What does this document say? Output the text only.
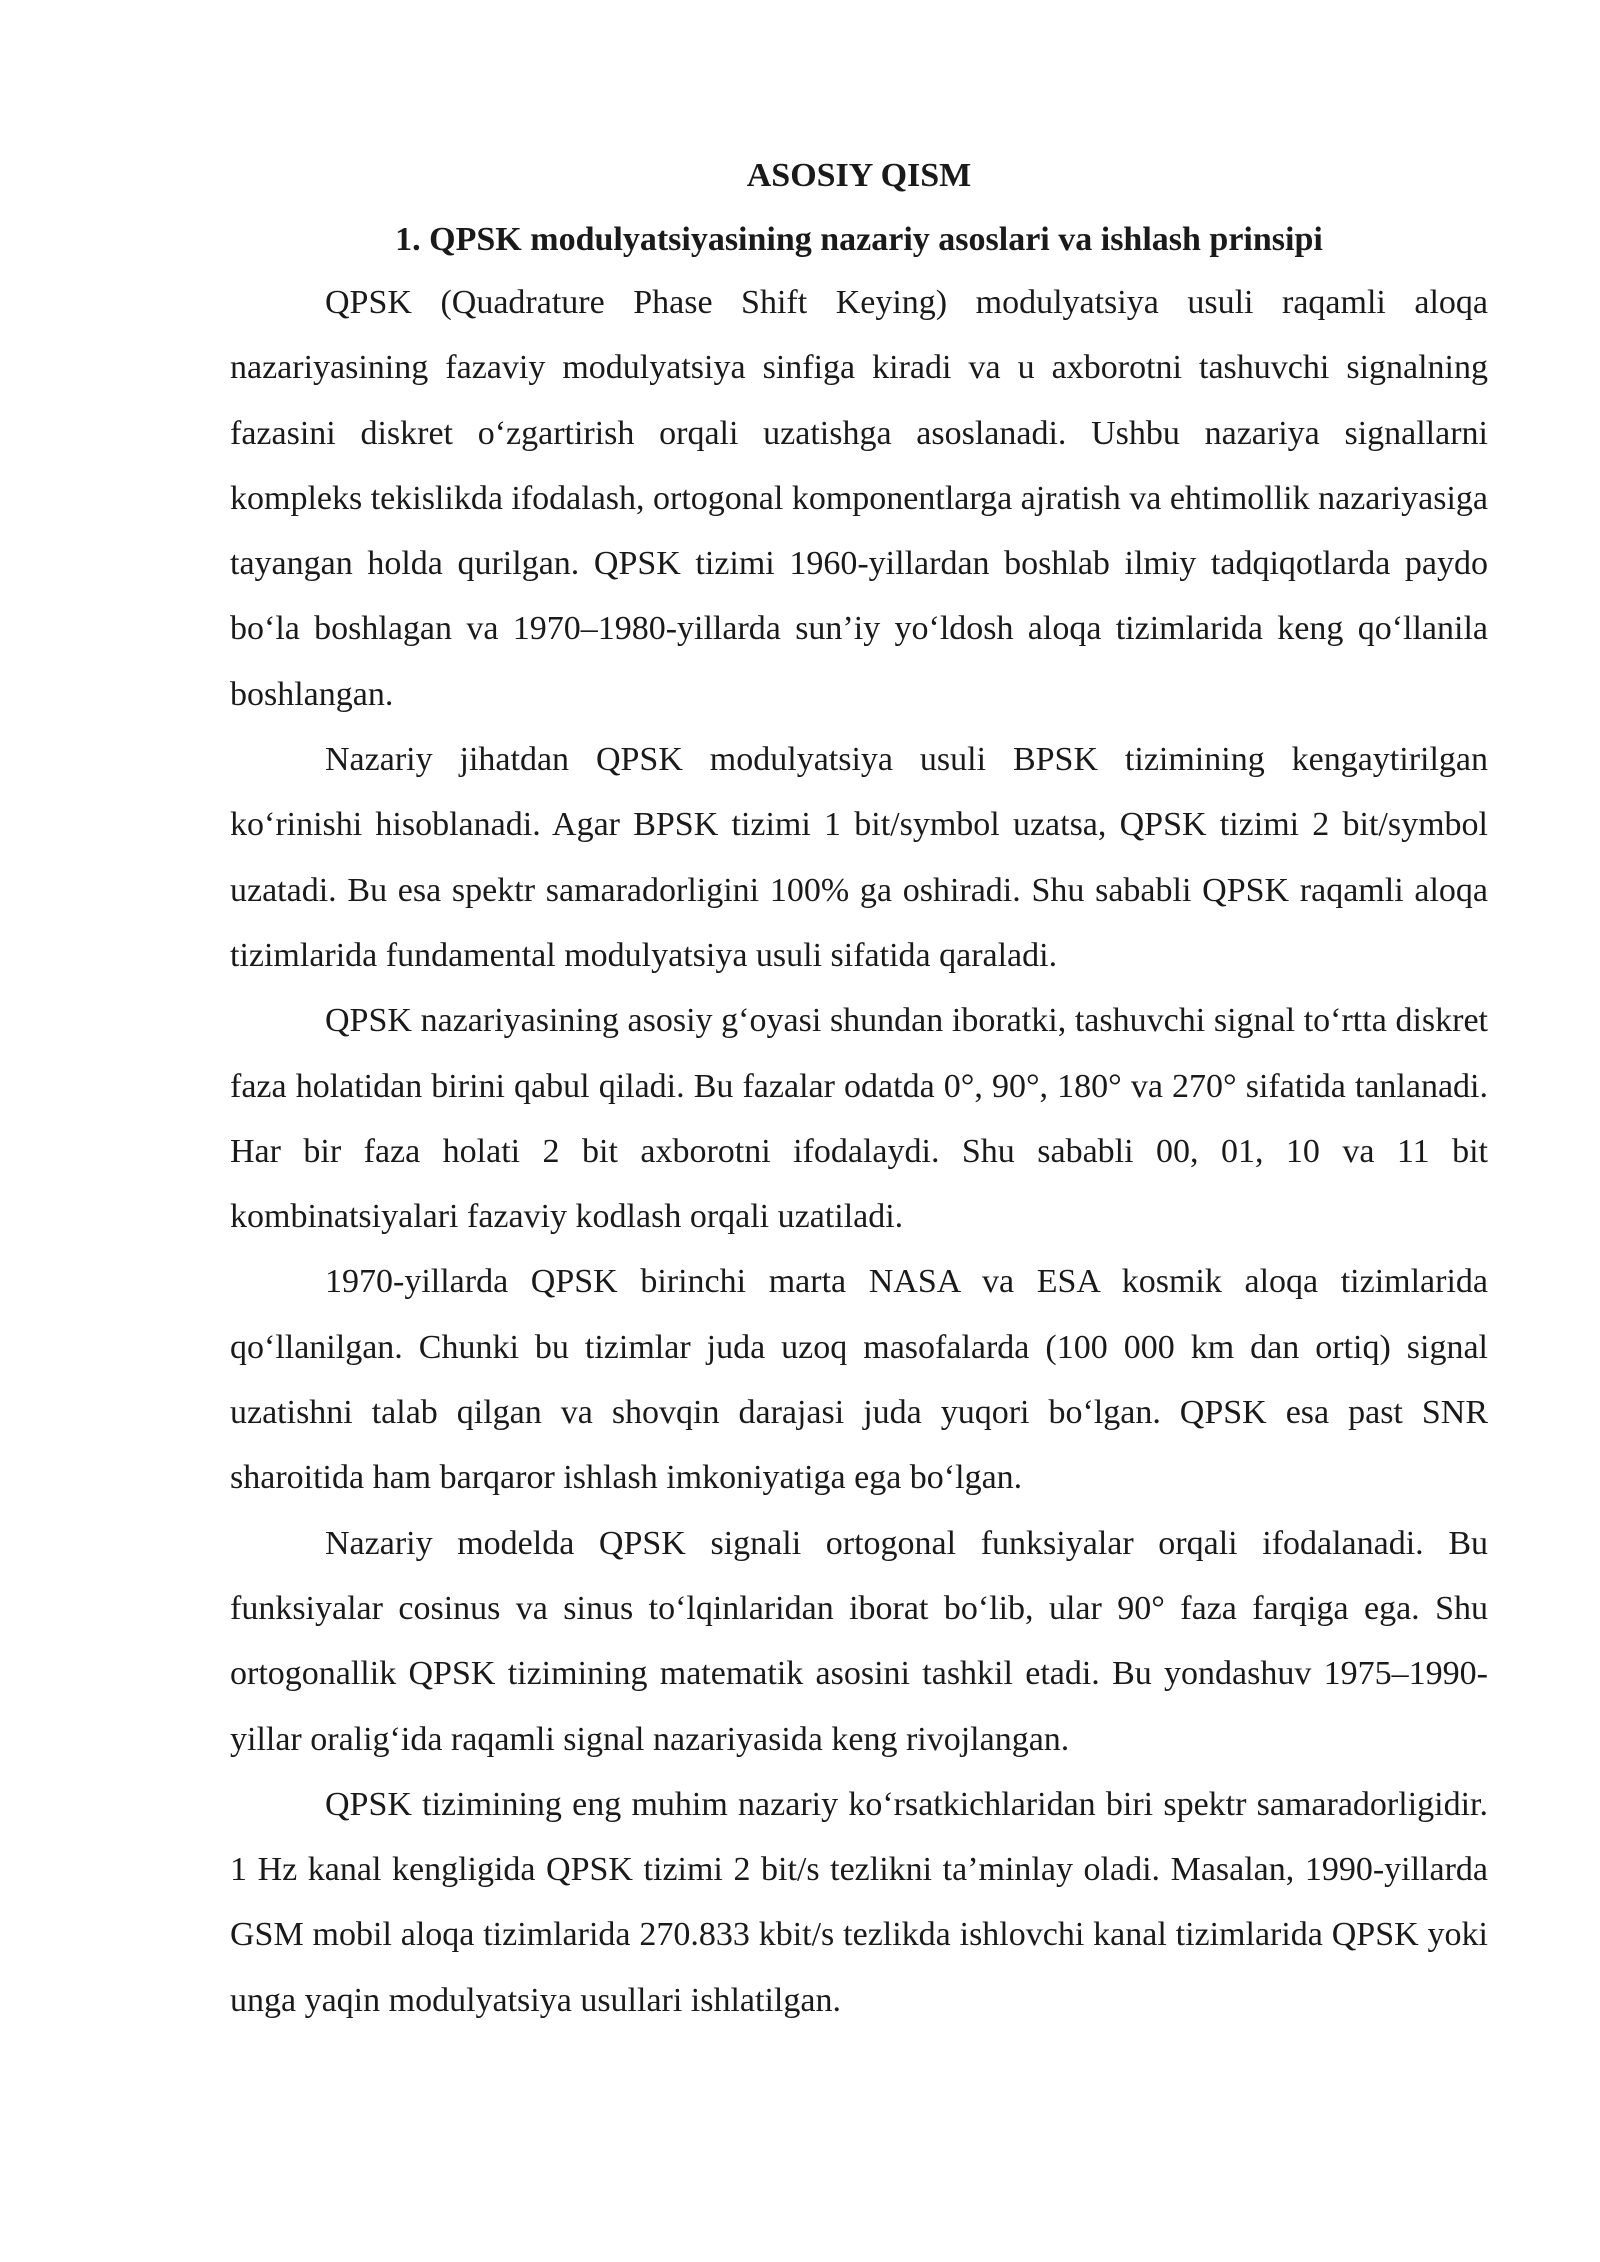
ASOSIY QISM
1. QPSK modulyatsiyasining nazariy asoslari va ishlash prinsipi

QPSK (Quadrature Phase Shift Keying) modulyatsiya usuli raqamli aloqa nazariyasining fazaviy modulyatsiya sinfiga kiradi va u axborotni tashuvchi signalning fazasini diskret o‘zgartirish orqali uzatishga asoslanadi. Ushbu nazariya signallarni kompleks tekislikda ifodalash, ortogonal komponentlarga ajratish va ehtimollik nazariyasiga tayangan holda qurilgan. QPSK tizimi 1960-yillardan boshlab ilmiy tadqiqotlarda paydo bo‘la boshlagan va 1970–1980-yillarda sun’iy yo‘ldosh aloqa tizimlarida keng qo‘llanila boshlangan.

Nazariy jihatdan QPSK modulyatsiya usuli BPSK tizimining kengaytirilgan ko‘rinishi hisoblanadi. Agar BPSK tizimi 1 bit/symbol uzatsa, QPSK tizimi 2 bit/symbol uzatadi. Bu esa spektr samaradorligini 100% ga oshiradi. Shu sababli QPSK raqamli aloqa tizimlarida fundamental modulyatsiya usuli sifatida qaraladi.

QPSK nazariyasining asosiy g‘oyasi shundan iboratki, tashuvchi signal to‘rtta diskret faza holatidan birini qabul qiladi. Bu fazalar odatda 0°, 90°, 180° va 270° sifatida tanlanadi. Har bir faza holati 2 bit axborotni ifodalaydi. Shu sababli 00, 01, 10 va 11 bit kombinatsiyalari fazaviy kodlash orqali uzatiladi.

1970-yillarda QPSK birinchi marta NASA va ESA kosmik aloqa tizimlarida qo‘llanilgan. Chunki bu tizimlar juda uzoq masofalarda (100 000 km dan ortiq) signal uzatishni talab qilgan va shovqin darajasi juda yuqori bo‘lgan. QPSK esa past SNR sharoitida ham barqaror ishlash imkoniyatiga ega bo‘lgan.

Nazariy modelda QPSK signali ortogonal funksiyalar orqali ifodalanadi. Bu funksiyalar cosinus va sinus to‘lqinlaridan iborat bo‘lib, ular 90° faza farqiga ega. Shu ortogonallik QPSK tizimining matematik asosini tashkil etadi. Bu yondashuv 1975–1990-yillar oralig‘ida raqamli signal nazariyasida keng rivojlangan.

QPSK tizimining eng muhim nazariy ko‘rsatkichlaridan biri spektr samaradorligidir. 1 Hz kanal kengligida QPSK tizimi 2 bit/s tezlikni ta’minlay oladi. Masalan, 1990-yillarda GSM mobil aloqa tizimlarida 270.833 kbit/s tezlikda ishlovchi kanal tizimlarida QPSK yoki unga yaqin modulyatsiya usullari ishlatilgan.
